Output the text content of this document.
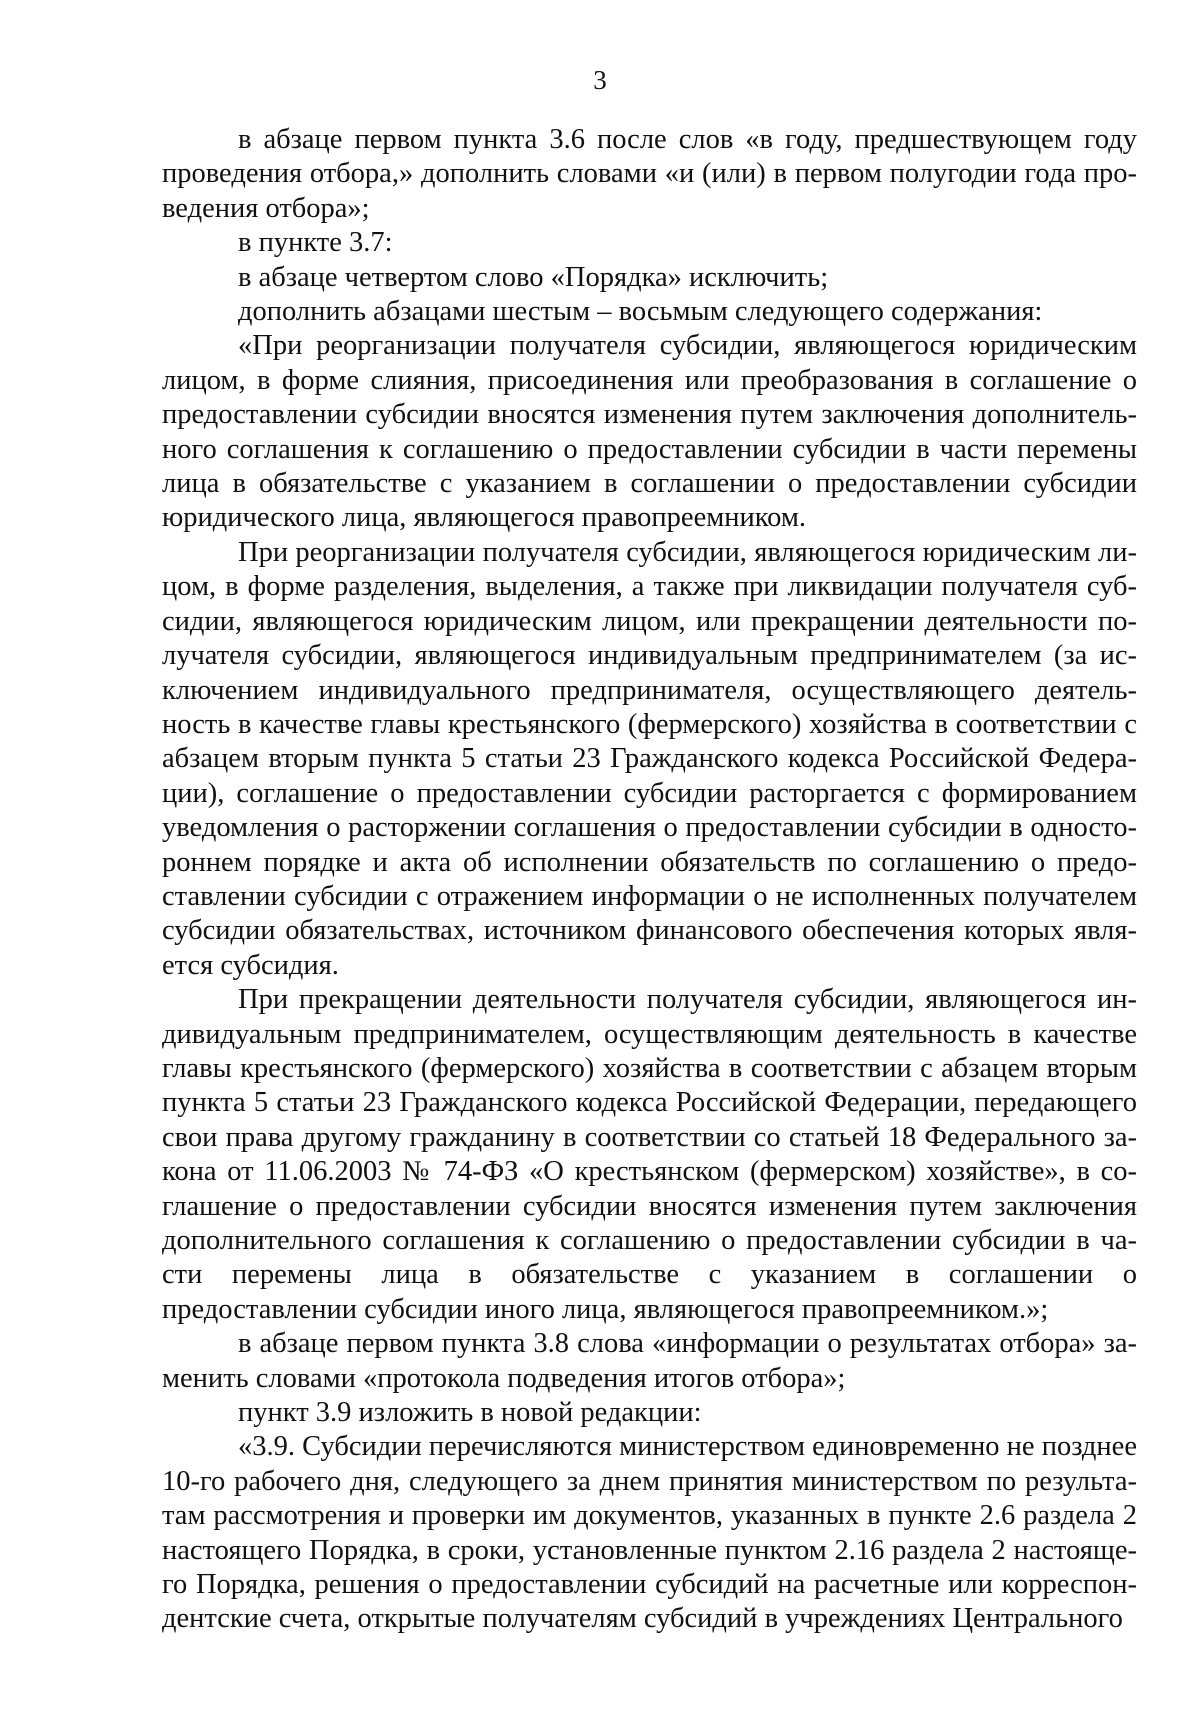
3

в абзаце первом пункта 3.6 после слов «в году, предшествующем году проведения отбора,» дополнить словами «и (или) в первом полугодии года проведения отбора»;

в пункте 3.7:

в абзаце четвертом слово «Порядка» исключить;

дополнить абзацами шестым – восьмым следующего содержания:

«При реорганизации получателя субсидии, являющегося юридическим лицом, в форме слияния, присоединения или преобразования в соглашение о предоставлении субсидии вносятся изменения путем заключения дополнительного соглашения к соглашению о предоставлении субсидии в части перемены лица в обязательстве с указанием в соглашении о предоставлении субсидии юридического лица, являющегося правопреемником.

При реорганизации получателя субсидии, являющегося юридическим лицом, в форме разделения, выделения, а также при ликвидации получателя субсидии, являющегося юридическим лицом, или прекращении деятельности получателя субсидии, являющегося индивидуальным предпринимателем (за исключением индивидуального предпринимателя, осуществляющего деятельность в качестве главы крестьянского (фермерского) хозяйства в соответствии с абзацем вторым пункта 5 статьи 23 Гражданского кодекса Российской Федерации), соглашение о предоставлении субсидии расторгается с формированием уведомления о расторжении соглашения о предоставлении субсидии в одностороннем порядке и акта об исполнении обязательств по соглашению о предоставлении субсидии с отражением информации о не исполненных получателем субсидии обязательствах, источником финансового обеспечения которых является субсидия.

При прекращении деятельности получателя субсидии, являющегося индивидуальным предпринимателем, осуществляющим деятельность в качестве главы крестьянского (фермерского) хозяйства в соответствии с абзацем вторым пункта 5 статьи 23 Гражданского кодекса Российской Федерации, передающего свои права другому гражданину в соответствии со статьей 18 Федерального закона от 11.06.2003 № 74-ФЗ «О крестьянском (фермерском) хозяйстве», в соглашение о предоставлении субсидии вносятся изменения путем заключения дополнительного соглашения к соглашению о предоставлении субсидии в части перемены лица в обязательстве с указанием в соглашении о предоставлении субсидии иного лица, являющегося правопреемником.»;

в абзаце первом пункта 3.8 слова «информации о результатах отбора» заменить словами «протокола подведения итогов отбора»;

пункт 3.9 изложить в новой редакции:

«3.9. Субсидии перечисляются министерством единовременно не позднее 10-го рабочего дня, следующего за днем принятия министерством по результатам рассмотрения и проверки им документов, указанных в пункте 2.6 раздела 2 настоящего Порядка, в сроки, установленные пунктом 2.16 раздела 2 настоящего Порядка, решения о предоставлении субсидий на расчетные или корреспондентские счета, открытые получателям субсидий в учреждениях Центрального
